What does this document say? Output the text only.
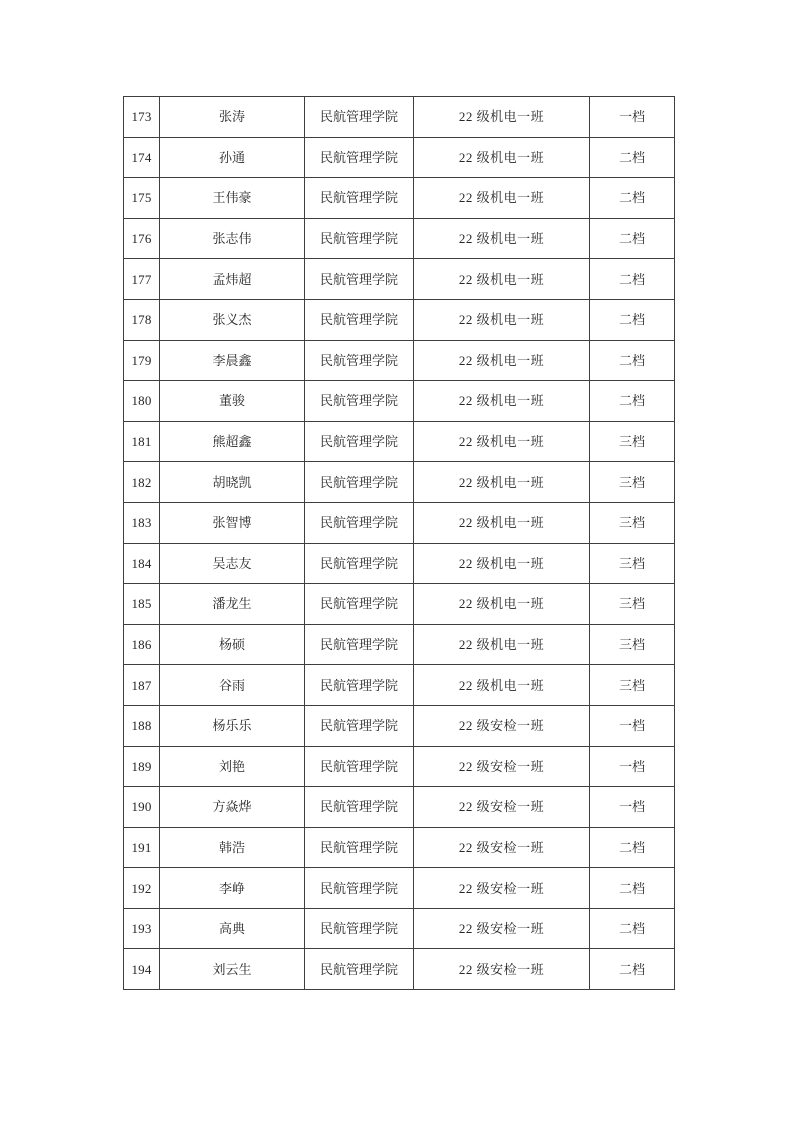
173	张涛	民航管理学院	22 级机电一班	一档
174	孙通	民航管理学院	22 级机电一班	二档
175	王伟豪	民航管理学院	22 级机电一班	二档
176	张志伟	民航管理学院	22 级机电一班	二档
177	孟炜超	民航管理学院	22 级机电一班	二档
178	张义杰	民航管理学院	22 级机电一班	二档
179	李晨鑫	民航管理学院	22 级机电一班	二档
180	董骏	民航管理学院	22 级机电一班	二档
181	熊超鑫	民航管理学院	22 级机电一班	三档
182	胡晓凯	民航管理学院	22 级机电一班	三档
183	张智博	民航管理学院	22 级机电一班	三档
184	吴志友	民航管理学院	22 级机电一班	三档
185	潘龙生	民航管理学院	22 级机电一班	三档
186	杨硕	民航管理学院	22 级机电一班	三档
187	谷雨	民航管理学院	22 级机电一班	三档
188	杨乐乐	民航管理学院	22 级安检一班	一档
189	刘艳	民航管理学院	22 级安检一班	一档
190	方焱烨	民航管理学院	22 级安检一班	一档
191	韩浩	民航管理学院	22 级安检一班	二档
192	李峥	民航管理学院	22 级安检一班	二档
193	高典	民航管理学院	22 级安检一班	二档
194	刘云生	民航管理学院	22 级安检一班	二档
